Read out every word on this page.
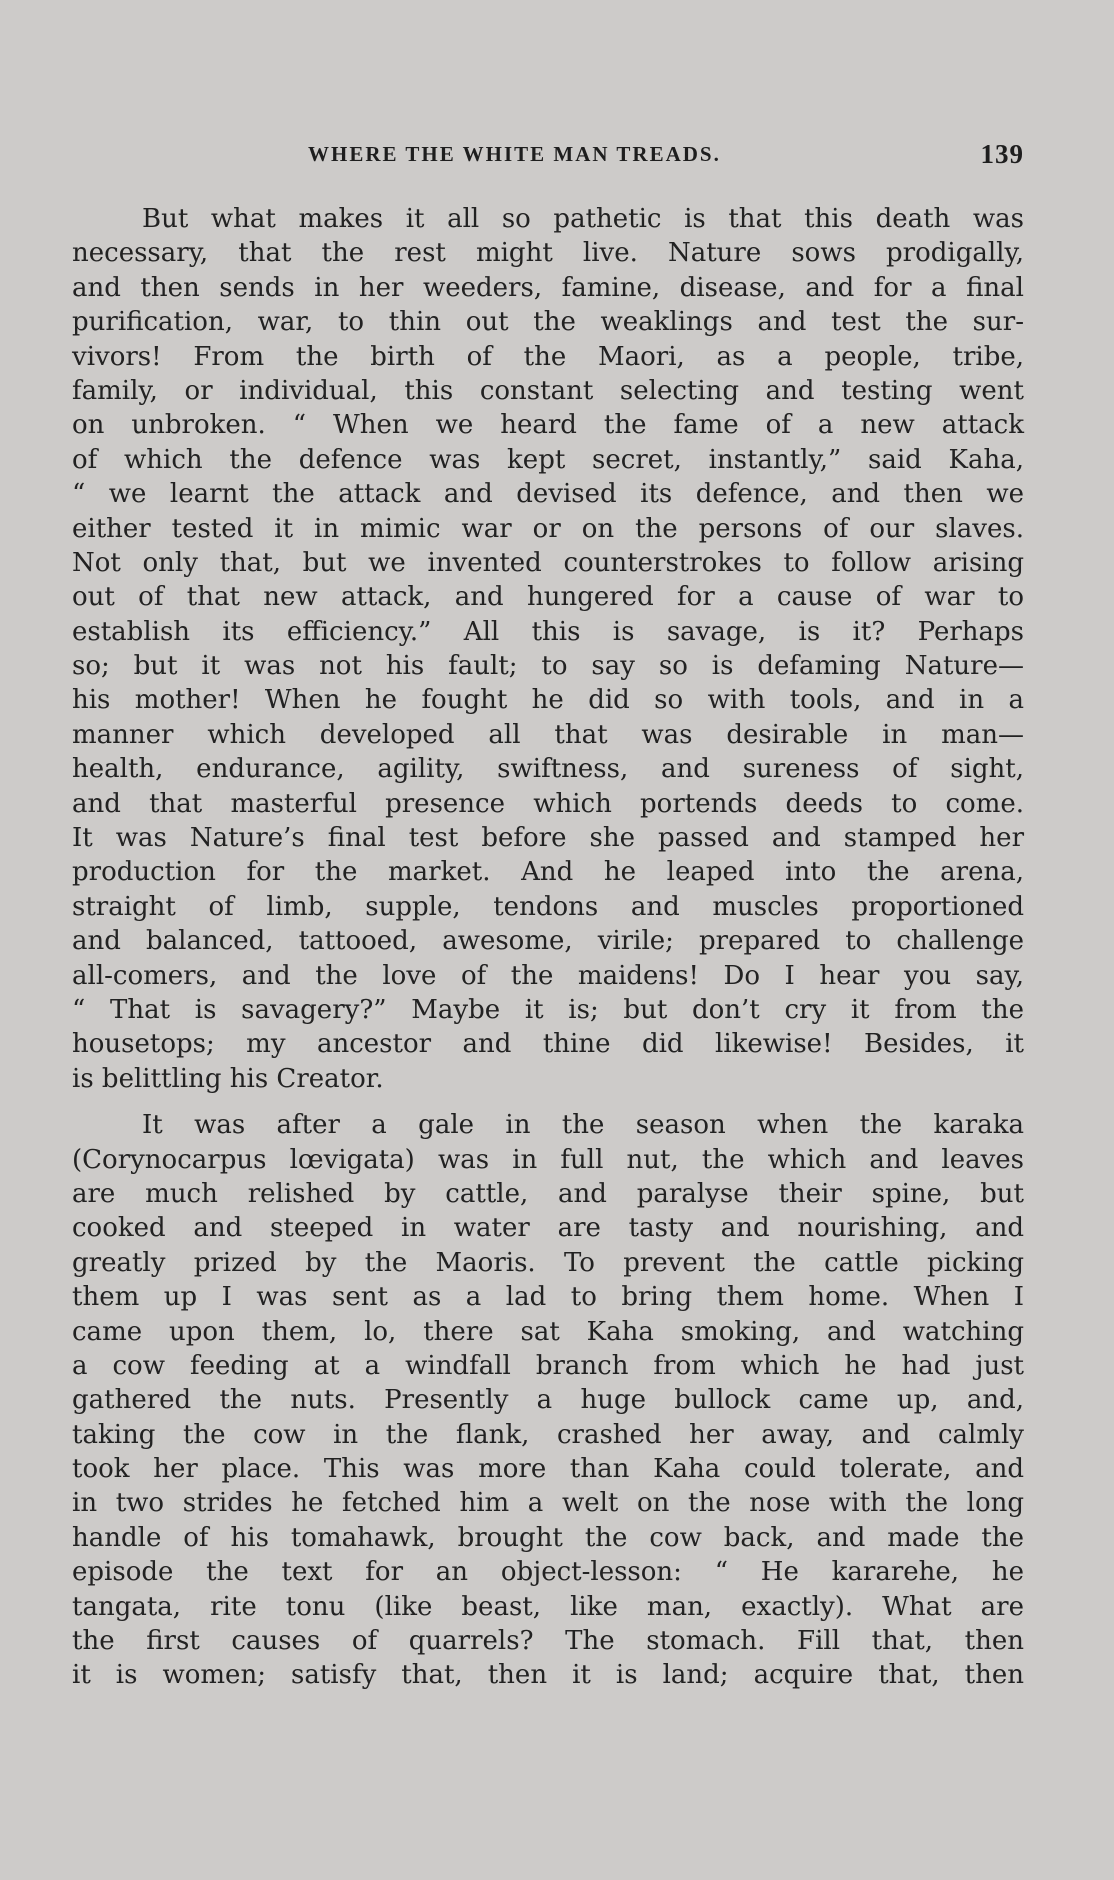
WHERE THE WHITE MAN TREADS.	139
But what makes it all so pathetic is that this death was
necessary, that the rest might live. Nature sows prodigally,
and then sends in her weeders, famine, disease, and for a final
purification, war, to thin out the weaklings and test the sur-
vivors! From the birth of the Maori, as a people, tribe,
family, or individual, this constant selecting and testing went
on unbroken. “ When we heard the fame of a new attack
of which the defence was kept secret, instantly,” said Kaha,
“ we learnt the attack and devised its defence, and then we
either tested it in mimic war or on the persons of our slaves.
Not only that, but we invented counterstrokes to follow arising
out of that new attack, and hungered for a cause of war to
establish its efficiency.” All this is savage, is it? Perhaps
so; but it was not his fault; to say so is defaming Nature—
his mother! When he fought he did so with tools, and in a
manner which developed all that was desirable in man—
health, endurance, agility, swiftness, and sureness of sight,
and that masterful presence which portends deeds to come.
It was Nature’s final test before she passed and stamped her
production for the market. And he leaped into the arena,
straight of limb, supple, tendons and muscles proportioned
and balanced, tattooed, awesome, virile; prepared to challenge
all-comers, and the love of the maidens! Do I hear you say,
“ That is savagery?” Maybe it is; but don’t cry it from the
housetops; my ancestor and thine did likewise! Besides, it
is belittling his Creator.
It was after a gale in the season when the karaka
(Corynocarpus lœvigata) was in full nut, the which and leaves
are much relished by cattle, and paralyse their spine, but
cooked and steeped in water are tasty and nourishing, and
greatly prized by the Maoris. To prevent the cattle picking
them up I was sent as a lad to bring them home. When I
came upon them, lo, there sat Kaha smoking, and watching
a cow feeding at a windfall branch from which he had just
gathered the nuts. Presently a huge bullock came up, and,
taking the cow in the flank, crashed her away, and calmly
took her place. This was more than Kaha could tolerate, and
in two strides he fetched him a welt on the nose with the long
handle of his tomahawk, brought the cow back, and made the
episode the text for an object-lesson: “ He kararehe, he
tangata, rite tonu (like beast, like man, exactly). What are
the first causes of quarrels? The stomach. Fill that, then
it is women; satisfy that, then it is land; acquire that, then
